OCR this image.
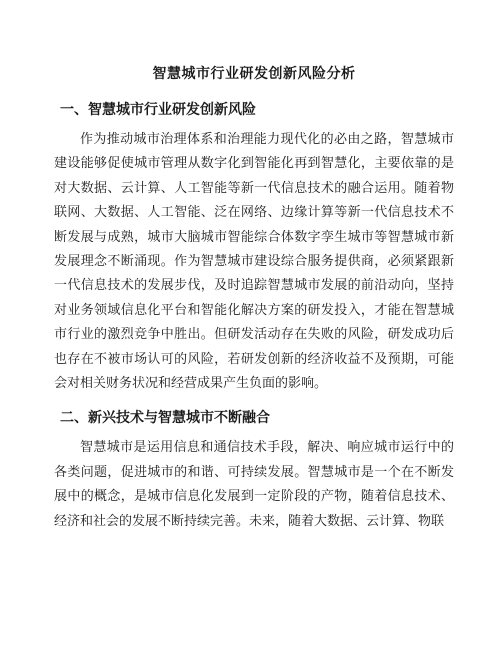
智慧城市行业研发创新风险分析
一、智慧城市行业研发创新风险

作为推动城市治理体系和治理能力现代化的必由之路，智慧城市建设能够促使城市管理从数字化到智能化再到智慧化，主要依靠的是对大数据、云计算、人工智能等新一代信息技术的融合运用。随着物联网、大数据、人工智能、泛在网络、边缘计算等新一代信息技术不断发展与成熟，城市大脑城市智能综合体数字孪生城市等智慧城市新发展理念不断涌现。作为智慧城市建设综合服务提供商，必须紧跟新一代信息技术的发展步伐，及时追踪智慧城市发展的前沿动向，坚持对业务领域信息化平台和智能化解决方案的研发投入，才能在智慧城市行业的激烈竞争中胜出。但研发活动存在失败的风险，研发成功后也存在不被市场认可的风险，若研发创新的经济收益不及预期，可能会对相关财务状况和经营成果产生负面的影响。

二、新兴技术与智慧城市不断融合

智慧城市是运用信息和通信技术手段，解决、响应城市运行中的各类问题，促进城市的和谐、可持续发展。智慧城市是一个在不断发展中的概念，是城市信息化发展到一定阶段的产物，随着信息技术、经济和社会的发展不断持续完善。未来，随着大数据、云计算、物联
